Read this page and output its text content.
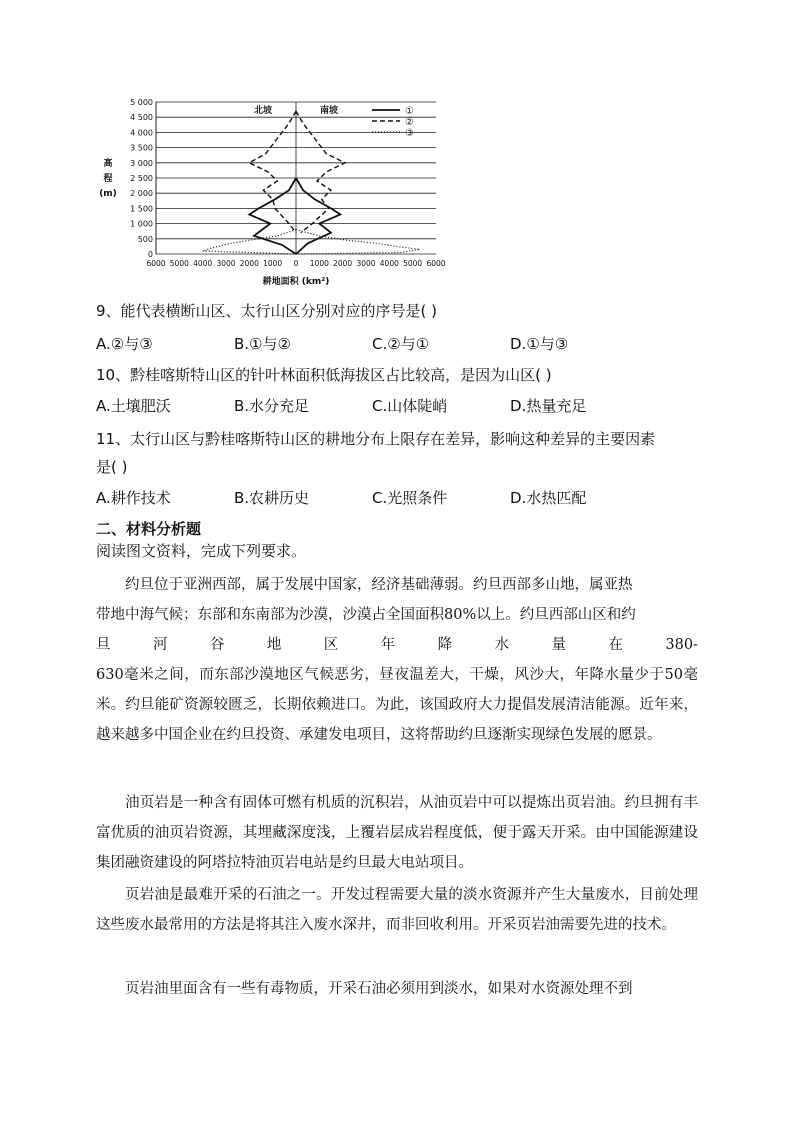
0
500
1 000
1 500
2 000
2 500
3 000
3 500
4 000
4 500
5 000
高
程
(m)
6000 5000 4000 3000 2000 1000 0 1000 2000 3000 4000 5000 6000
耕地面积 (km²)
北坡	南坡	①
②
③
9、能代表横断山区、太行山区分别对应的序号是( )
A.②与③	B.①与②	C.②与①	D.①与③
10、黔桂喀斯特山区的针叶林面积低海拔区占比较高，是因为山区( )
A.土壤肥沃	B.水分充足	C.山体陡峭	D.热量充足
11、太行山区与黔桂喀斯特山区的耕地分布上限存在差异，影响这种差异的主要因素
是( )
A.耕作技术	B.农耕历史	C.光照条件	D.水热匹配
二、材料分析题
阅读图文资料，完成下列要求。
约旦位于亚洲西部，属于发展中国家，经济基础薄弱。约旦西部多山地，属亚热
带地中海气候；东部和东南部为沙漠，沙漠占全国面积80%以上。约旦西部山区和约
旦	河	谷	地	区	年	降	水	量	在	380-
630毫米之间，而东部沙漠地区气候恶劣，昼夜温差大，干燥，风沙大，年降水量少于50毫米。约旦能矿资源较匮乏，长期依赖进口。为此，该国政府大力提倡发展清洁能源。近年来，越来越多中国企业在约旦投资、承建发电项目，这将帮助约旦逐渐实现绿色发展的愿景。
油页岩是一种含有固体可燃有机质的沉积岩，从油页岩中可以提炼出页岩油。约旦拥有丰富优质的油页岩资源，其埋藏深度浅，上覆岩层成岩程度低，便于露天开采。由中国能源建设集团融资建设的阿塔拉特油页岩电站是约旦最大电站项目。
页岩油是最难开采的石油之一。开发过程需要大量的淡水资源并产生大量废水，目前处理这些废水最常用的方法是将其注入废水深井，而非回收利用。开采页岩油需要先进的技术。
页岩油里面含有一些有毒物质，开采石油必须用到淡水，如果对水资源处理不到
